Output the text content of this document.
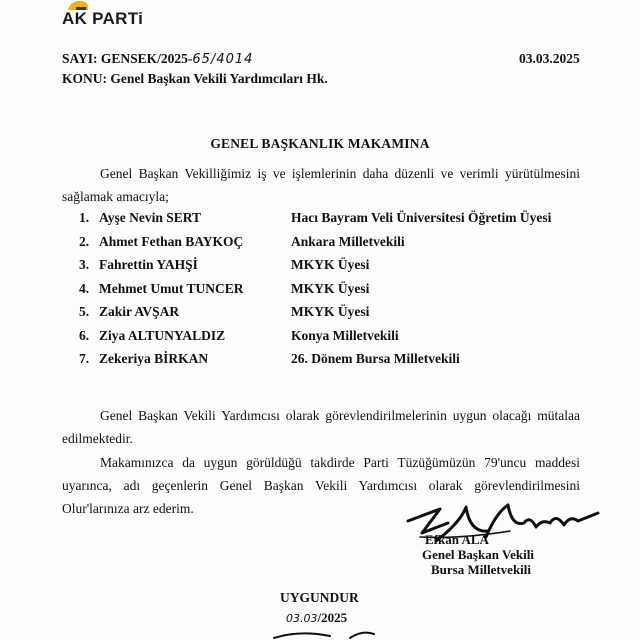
AK PARTi
SAYI: GENSEK/2025-65/4014	03.03.2025
KONU: Genel Başkan Vekili Yardımcıları Hk.
GENEL BAŞKANLIK MAKAMINA
Genel Başkan Vekilliğimiz iş ve işlemlerinin daha düzenli ve verimli yürütülmesini sağlamak amacıyla;
1. Ayşe Nevin SERT	Hacı Bayram Veli Üniversitesi Öğretim Üyesi
2. Ahmet Fethan BAYKOÇ	Ankara Milletvekili
3. Fahrettin YAHŞİ	MKYK Üyesi
4. Mehmet Umut TUNCER	MKYK Üyesi
5. Zakir AVŞAR	MKYK Üyesi
6. Ziya ALTUNYALDIZ	Konya Milletvekili
7. Zekeriya BİRKAN	26. Dönem Bursa Milletvekili
Genel Başkan Vekili Yardımcısı olarak görevlendirilmelerinin uygun olacağı mütalaa edilmektedir.
Makamınızca da uygun görüldüğü takdirde Parti Tüzüğümüzün 79'uncu maddesi uyarınca, adı geçenlerin Genel Başkan Vekili Yardımcısı olarak görevlendirilmesini Olur'larınıza arz ederim.
Efkan ALA
Genel Başkan Vekili
Bursa Milletvekili
UYGUNDUR
03.03/2025
